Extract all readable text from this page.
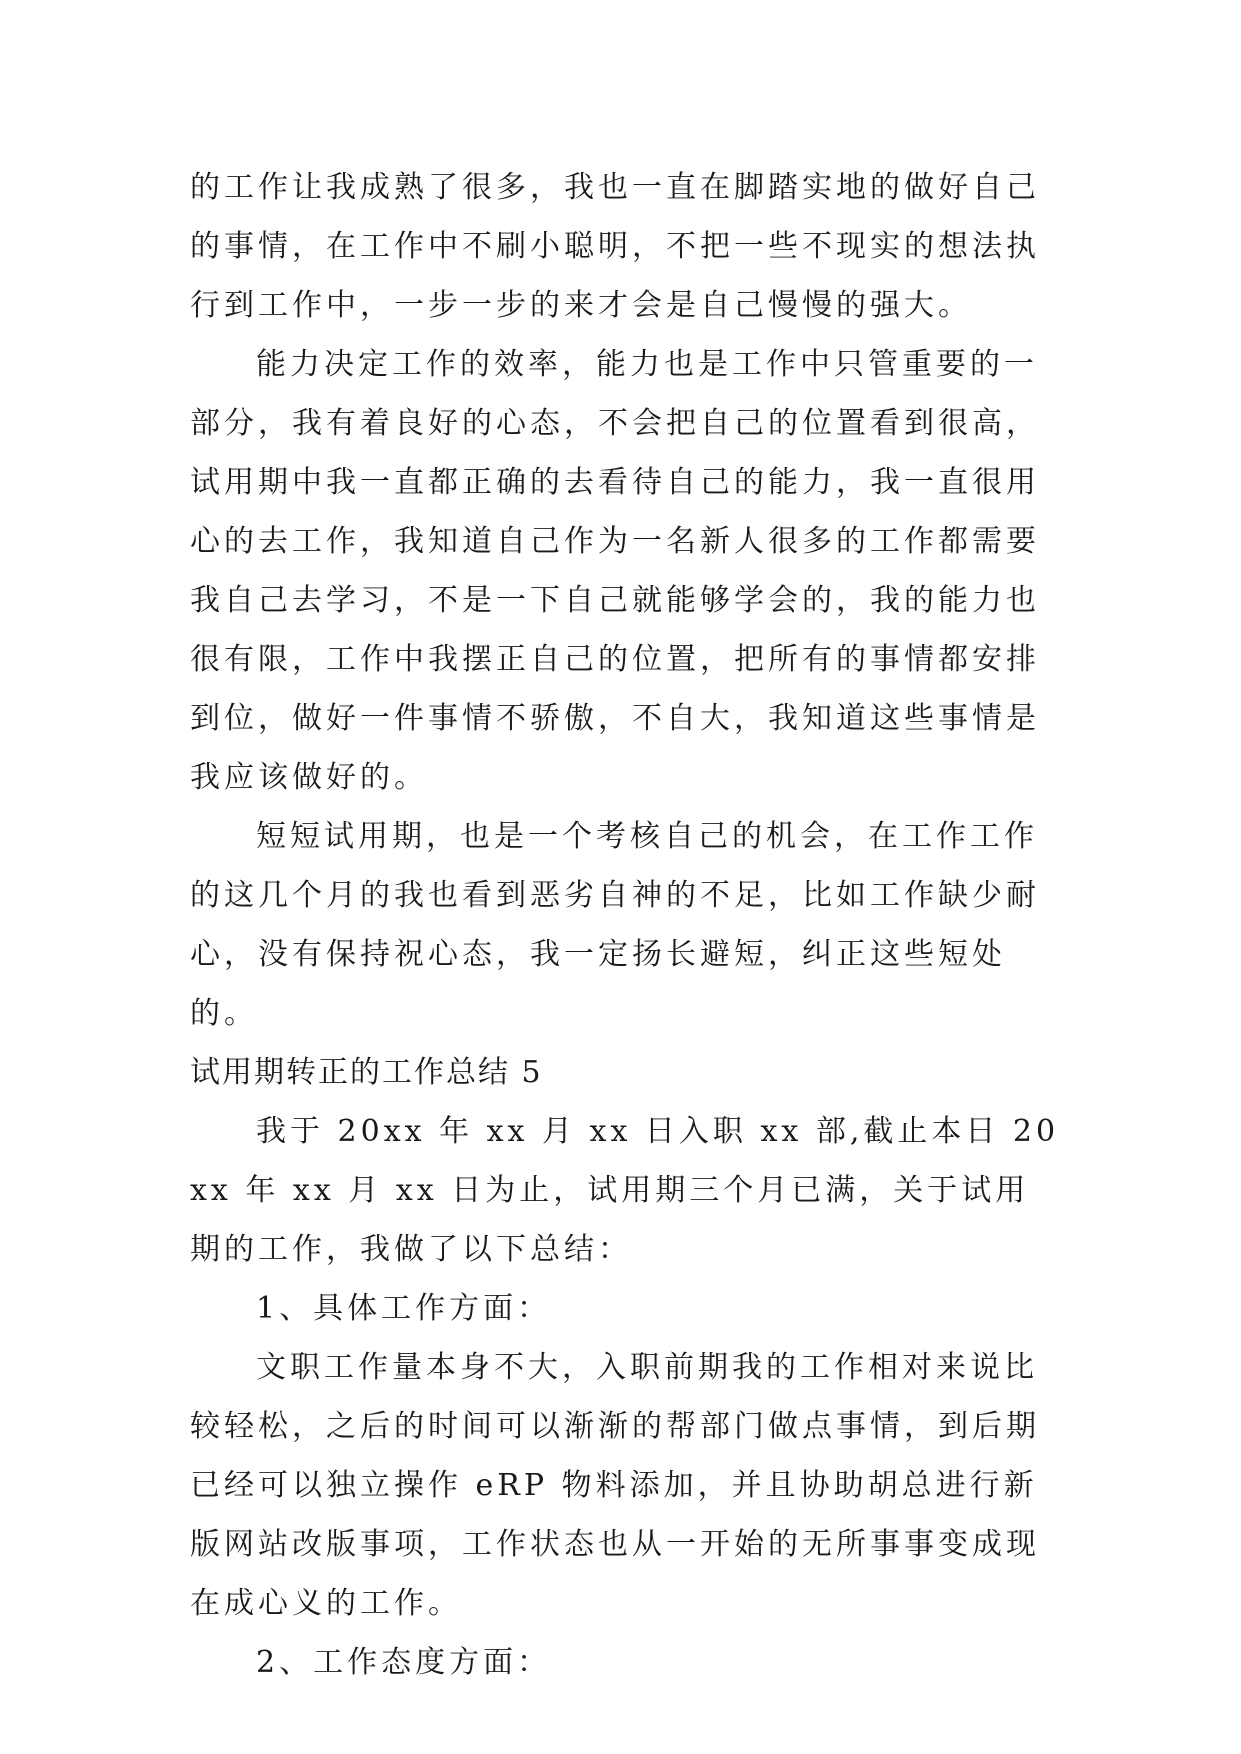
的工作让我成熟了很多，我也一直在脚踏实地的做好自己的事情，在工作中不刷小聪明，不把一些不现实的想法执行到工作中，一步一步的来才会是自己慢慢的强大。

能力决定工作的效率，能力也是工作中只管重要的一部分，我有着良好的心态，不会把自己的位置看到很高，试用期中我一直都正确的去看待自己的能力，我一直很用心的去工作，我知道自己作为一名新人很多的工作都需要我自己去学习，不是一下自己就能够学会的，我的能力也很有限，工作中我摆正自己的位置，把所有的事情都安排到位，做好一件事情不骄傲，不自大，我知道这些事情是我应该做好的。

短短试用期，也是一个考核自己的机会，在工作工作的这几个月的我也看到恶劣自神的不足，比如工作缺少耐心，没有保持祝心态，我一定扬长避短，纠正这些短处的。

试用期转正的工作总结 5

我于 20xx 年 xx 月 xx 日入职 xx 部,截止本日 20xx 年 xx 月 xx 日为止，试用期三个月已满，关于试用期的工作，我做了以下总结：

1、具体工作方面：

文职工作量本身不大，入职前期我的工作相对来说比较轻松，之后的时间可以渐渐的帮部门做点事情，到后期已经可以独立操作 eRP 物料添加，并且协助胡总进行新版网站改版事项，工作状态也从一开始的无所事事变成现在成心义的工作。

2、工作态度方面：
